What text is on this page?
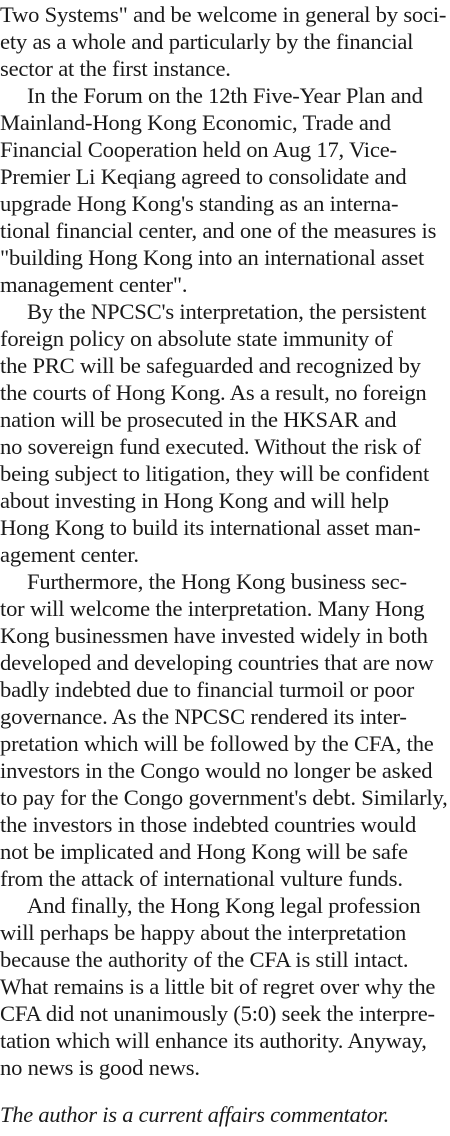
Two Systems" and be welcome in general by soci-
ety as a whole and particularly by the financial
sector at the first instance.
In the Forum on the 12th Five-Year Plan and
Mainland-Hong Kong Economic, Trade and
Financial Cooperation held on Aug 17, Vice-
Premier Li Keqiang agreed to consolidate and
upgrade Hong Kong's standing as an interna-
tional financial center, and one of the measures is
"building Hong Kong into an international asset
management center".
By the NPCSC's interpretation, the persistent
foreign policy on absolute state immunity of
the PRC will be safeguarded and recognized by
the courts of Hong Kong. As a result, no foreign
nation will be prosecuted in the HKSAR and
no sovereign fund executed. Without the risk of
being subject to litigation, they will be confident
about investing in Hong Kong and will help
Hong Kong to build its international asset man-
agement center.
Furthermore, the Hong Kong business sec-
tor will welcome the interpretation. Many Hong
Kong businessmen have invested widely in both
developed and developing countries that are now
badly indebted due to financial turmoil or poor
governance. As the NPCSC rendered its inter-
pretation which will be followed by the CFA, the
investors in the Congo would no longer be asked
to pay for the Congo government's debt. Similarly,
the investors in those indebted countries would
not be implicated and Hong Kong will be safe
from the attack of international vulture funds.
And finally, the Hong Kong legal profession
will perhaps be happy about the interpretation
because the authority of the CFA is still intact.
What remains is a little bit of regret over why the
CFA did not unanimously (5:0) seek the interpre-
tation which will enhance its authority. Anyway,
no news is good news.
The author is a current affairs commentator.
